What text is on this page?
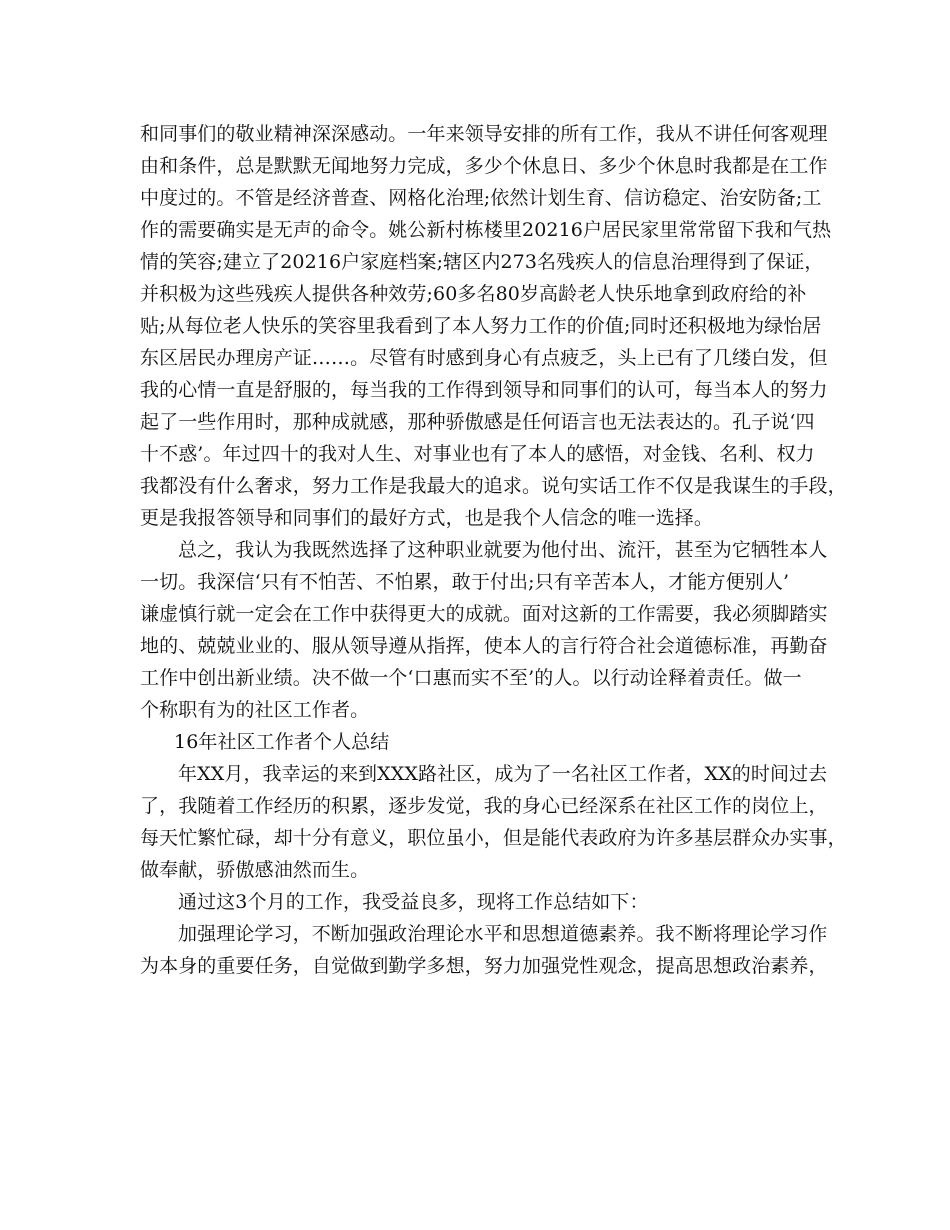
和同事们的敬业精神深深感动。一年来领导安排的所有工作，我从不讲任何客观理
由和条件，总是默默无闻地努力完成，多少个休息日、多少个休息时我都是在工作
中度过的。不管是经济普查、网格化治理;依然计划生育、信访稳定、治安防备;工
作的需要确实是无声的命令。姚公新村栋楼里20216户居民家里常常留下我和气热
情的笑容;建立了20216户家庭档案;辖区内273名残疾人的信息治理得到了保证，
并积极为这些残疾人提供各种效劳;60多名80岁高龄老人快乐地拿到政府给的补
贴;从每位老人快乐的笑容里我看到了本人努力工作的价值;同时还积极地为绿怡居
东区居民办理房产证……。尽管有时感到身心有点疲乏，头上已有了几缕白发，但
我的心情一直是舒服的，每当我的工作得到领导和同事们的认可，每当本人的努力
起了一些作用时，那种成就感，那种骄傲感是任何语言也无法表达的。孔子说‘四
十不惑’。年过四十的我对人生、对事业也有了本人的感悟，对金钱、名利、权力
我都没有什么奢求，努力工作是我最大的追求。说句实话工作不仅是我谋生的手段，
更是我报答领导和同事们的最好方式，也是我个人信念的唯一选择。
总之，我认为我既然选择了这种职业就要为他付出、流汗，甚至为它牺牲本人
一切。我深信‘只有不怕苦、不怕累，敢于付出;只有辛苦本人，才能方便别人’
谦虚慎行就一定会在工作中获得更大的成就。面对这新的工作需要，我必须脚踏实
地的、兢兢业业的、服从领导遵从指挥，使本人的言行符合社会道德标准，再勤奋
工作中创出新业绩。决不做一个‘口惠而实不至’的人。以行动诠释着责任。做一
个称职有为的社区工作者。
16年社区工作者个人总结
年XX月，我幸运的来到XXX路社区，成为了一名社区工作者，XX的时间过去
了，我随着工作经历的积累，逐步发觉，我的身心已经深系在社区工作的岗位上，
每天忙繁忙碌，却十分有意义，职位虽小，但是能代表政府为许多基层群众办实事，
做奉献，骄傲感油然而生。
通过这3个月的工作，我受益良多，现将工作总结如下：
加强理论学习，不断加强政治理论水平和思想道德素养。我不断将理论学习作
为本身的重要任务，自觉做到勤学多想，努力加强党性观念，提高思想政治素养，
